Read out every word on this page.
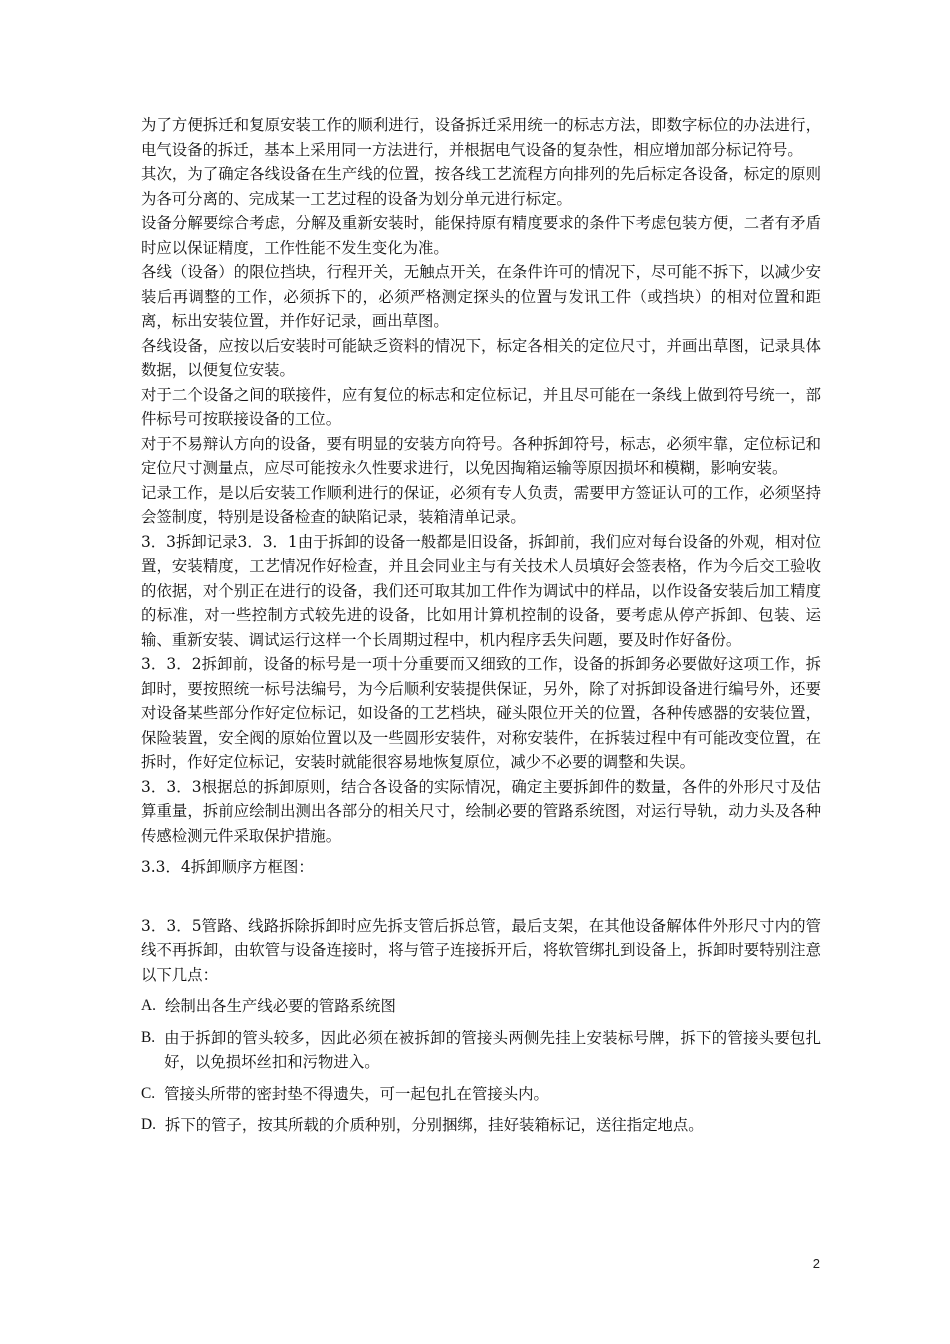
为了方便拆迁和复原安装工作的顺利进行，设备拆迁采用统一的标志方法，即数字标位的办法进行，电气设备的拆迁，基本上采用同一方法进行，并根据电气设备的复杂性，相应增加部分标记符号。

其次，为了确定各线设备在生产线的位置，按各线工艺流程方向排列的先后标定各设备，标定的原则为各可分离的、完成某一工艺过程的设备为划分单元进行标定。

设备分解要综合考虑，分解及重新安装时，能保持原有精度要求的条件下考虑包装方便，二者有矛盾时应以保证精度，工作性能不发生变化为准。

各线（设备）的限位挡块，行程开关，无触点开关，在条件许可的情况下，尽可能不拆下，以减少安装后再调整的工作，必须拆下的，必须严格测定探头的位置与发讯工件（或挡块）的相对位置和距离，标出安装位置，并作好记录，画出草图。

各线设备，应按以后安装时可能缺乏资料的情况下，标定各相关的定位尺寸，并画出草图，记录具体数据，以便复位安装。

对于二个设备之间的联接件，应有复位的标志和定位标记，并且尽可能在一条线上做到符号统一，部件标号可按联接设备的工位。

对于不易辩认方向的设备，要有明显的安装方向符号。各种拆卸符号，标志，必须牢靠，定位标记和定位尺寸测量点，应尽可能按永久性要求进行，以免因掏箱运输等原因损坏和模糊，影响安装。

记录工作，是以后安装工作顺利进行的保证，必须有专人负责，需要甲方签证认可的工作，必须坚持会签制度，特别是设备检查的缺陷记录，装箱清单记录。

3．3拆卸记录3．3．1由于拆卸的设备一般都是旧设备，拆卸前，我们应对每台设备的外观，相对位置，安装精度，工艺情况作好检查，并且会同业主与有关技术人员填好会签表格，作为今后交工验收的依据，对个别正在进行的设备，我们还可取其加工件作为调试中的样品，以作设备安装后加工精度的标准，对一些控制方式较先进的设备，比如用计算机控制的设备，要考虑从停产拆卸、包装、运输、重新安装、调试运行这样一个长周期过程中，机内程序丢失问题，要及时作好备份。

3．3．2拆卸前，设备的标号是一项十分重要而又细致的工作，设备的拆卸务必要做好这项工作，拆卸时，要按照统一标号法编号，为今后顺利安装提供保证，另外，除了对拆卸设备进行编号外，还要对设备某些部分作好定位标记，如设备的工艺档块，碰头限位开关的位置，各种传感器的安装位置，保险装置，安全阀的原始位置以及一些圆形安装件，对称安装件，在拆装过程中有可能改变位置，在拆时，作好定位标记，安装时就能很容易地恢复原位，减少不必要的调整和失误。

3．3．3根据总的拆卸原则，结合各设备的实际情况，确定主要拆卸件的数量，各件的外形尺寸及估算重量，拆前应绘制出测出各部分的相关尺寸，绘制必要的管路系统图，对运行导轨，动力头及各种传感检测元件采取保护措施。

3.3．4拆卸顺序方框图：

3．3．5管路、线路拆除拆卸时应先拆支管后拆总管，最后支架，在其他设备解体件外形尺寸内的管线不再拆卸，由软管与设备连接时，将与管子连接拆开后，将软管绑扎到设备上，拆卸时要特别注意以下几点：

A. 绘制出各生产线必要的管路系统图
B. 由于拆卸的管头较多，因此必须在被拆卸的管接头两侧先挂上安装标号牌，拆下的管接头要包扎好，以免损坏丝扣和污物进入。
C. 管接头所带的密封垫不得遗失，可一起包扎在管接头内。
D. 拆下的管子，按其所载的介质种别，分别捆绑，挂好装箱标记，送往指定地点。
2
